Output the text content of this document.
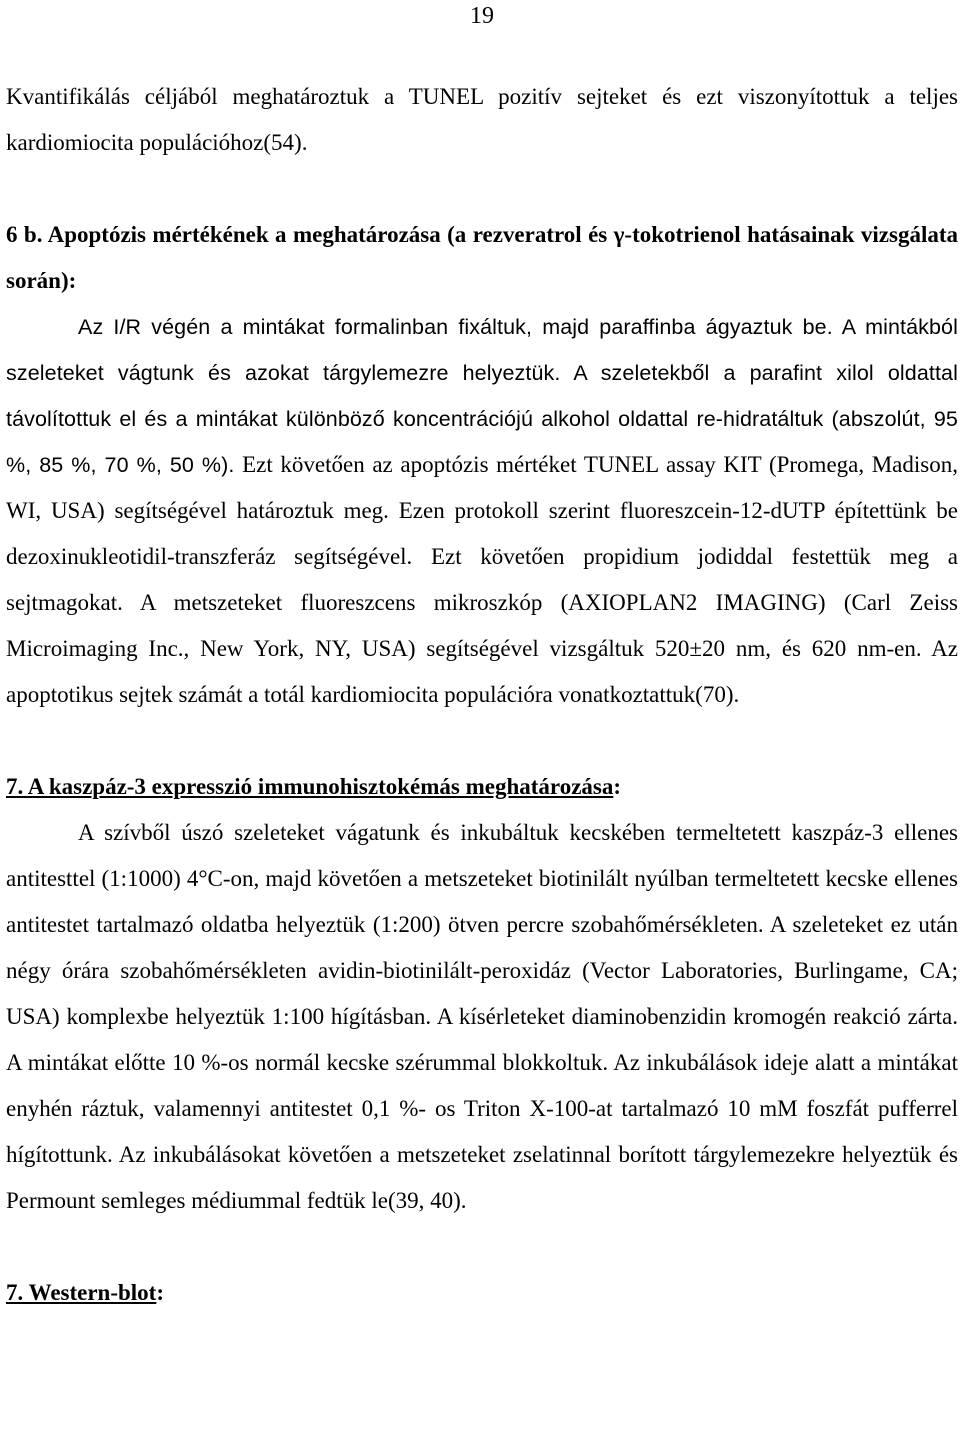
19

Kvantifikálás céljából meghatároztuk a TUNEL pozitív sejteket és ezt viszonyítottuk a teljes kardiomiocita populációhoz(54).

6 b. Apoptózis mértékének a meghatározása (a rezveratrol és γ-tokotrienol hatásainak vizsgálata során):

Az I/R végén a mintákat formalinban fixáltuk, majd paraffinba ágyaztuk be. A mintákból szeleteket vágtunk és azokat tárgylemezre helyeztük. A szeletekből a parafint xilol oldattal távolítottuk el és a mintákat különböző koncentrációjú alkohol oldattal re-hidratáltuk (abszolút, 95 %, 85 %, 70 %, 50 %). Ezt követően az apoptózis mértéket TUNEL assay KIT (Promega, Madison, WI, USA) segítségével határoztuk meg. Ezen protokoll szerint fluoreszcein-12-dUTP építettünk be dezoxinukleotidil-transzferáz segítségével. Ezt követően propidium jodiddal festettük meg a sejtmagokat. A metszeteket fluoreszcens mikroszkóp (AXIOPLAN2 IMAGING) (Carl Zeiss Microimaging Inc., New York, NY, USA) segítségével vizsgáltuk 520±20 nm, és 620 nm-en. Az apoptotikus sejtek számát a totál kardiomiocita populációra vonatkoztattuk(70).

7. A kaszpáz-3 expresszió immunohisztokémás meghatározása:

A szívből úszó szeleteket vágatunk és inkubáltuk kecskében termeltetett kaszpáz-3 ellenes antitesttel (1:1000) 4°C-on, majd követően a metszeteket biotinilált nyúlban termeltetett kecske ellenes antitestet tartalmazó oldatba helyeztük (1:200) ötven percre szobahőmérsékleten. A szeleteket ez után négy órára szobahőmérsékleten avidin-biotinilált-peroxidáz (Vector Laboratories, Burlingame, CA; USA) komplexbe helyeztük 1:100 hígításban. A kísérleteket diaminobenzidin kromogén reakció zárta. A mintákat előtte 10 %-os normál kecske szérummal blokkoltuk. Az inkubálások ideje alatt a mintákat enyhén ráztuk, valamennyi antitestet 0,1 %- os Triton X-100-at tartalmazó 10 mM foszfát pufferrel hígítottunk. Az inkubálásokat követően a metszeteket zselatinnal borított tárgylemezekre helyeztük és Permount semleges médiummal fedtük le(39, 40).

7. Western-blot:
